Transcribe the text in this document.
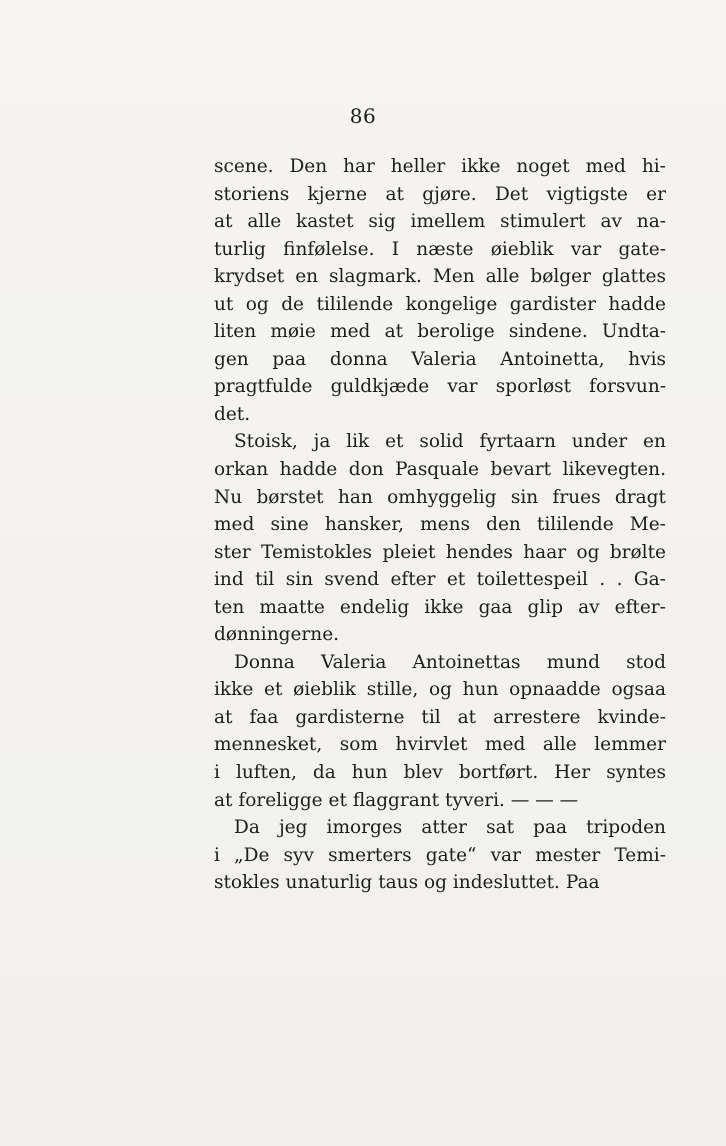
86
scene. Den har heller ikke noget med hi-
storiens kjerne at gjøre. Det vigtigste er
at alle kastet sig imellem stimulert av na-
turlig finfølelse. I næste øieblik var gate-
krydset en slagmark. Men alle bølger glattes
ut og de tililende kongelige gardister hadde
liten møie med at berolige sindene. Undta-
gen paa donna Valeria Antoinetta, hvis
pragtfulde guldkjæde var sporløst forsvun-
det.
Stoisk, ja lik et solid fyrtaarn under en
orkan hadde don Pasquale bevart likevegten.
Nu børstet han omhyggelig sin frues dragt
med sine hansker, mens den tililende Me-
ster Temistokles pleiet hendes haar og brølte
ind til sin svend efter et toilettespeil . . Ga-
ten maatte endelig ikke gaa glip av efter-
dønningerne.
Donna Valeria Antoinettas mund stod
ikke et øieblik stille, og hun opnaadde ogsaa
at faa gardisterne til at arrestere kvinde-
mennesket, som hvirvlet med alle lemmer
i luften, da hun blev bortført. Her syntes
at foreligge et flaggrant tyveri. — — —
Da jeg imorges atter sat paa tripoden
i „De syv smerters gate“ var mester Temi-
stokles unaturlig taus og indesluttet. Paa
